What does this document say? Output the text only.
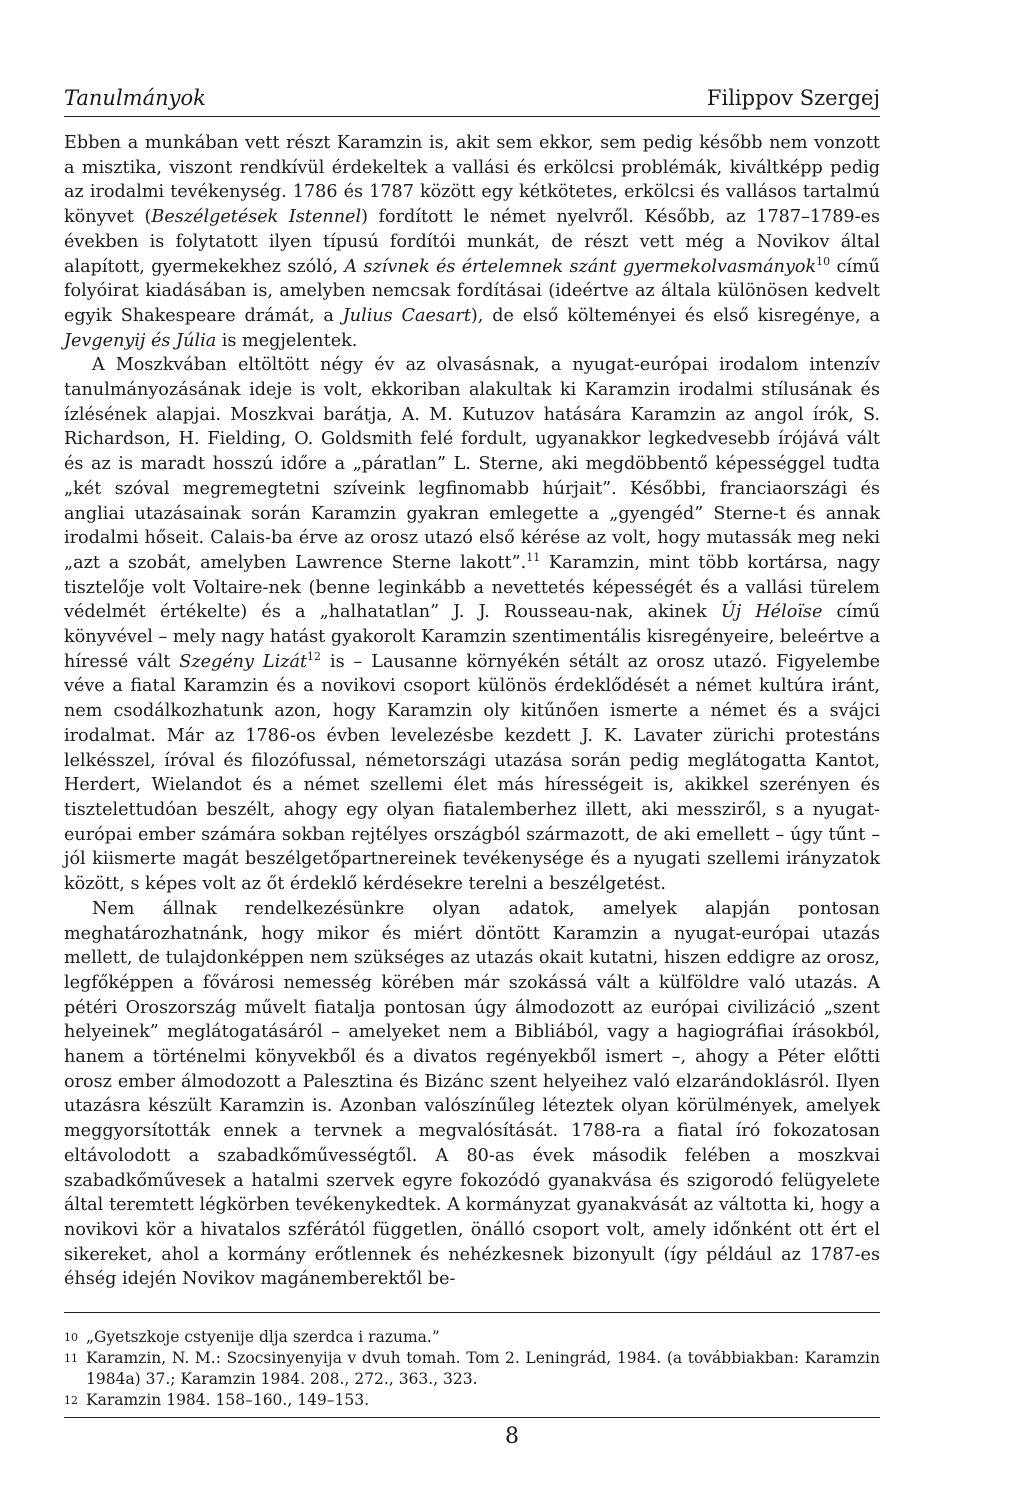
Tanulmányok	Filippov Szergej

Ebben a munkában vett részt Karamzin is, akit sem ekkor, sem pedig később nem vonzott a misztika, viszont rendkívül érdekeltek a vallási és erkölcsi problémák, kiváltképp pedig az irodalmi tevékenység. 1786 és 1787 között egy kétkötetes, erkölcsi és vallásos tartalmú könyvet (Beszélgetések Istennel) fordított le német nyelvről. Később, az 1787–1789-es években is folytatott ilyen típusú fordítói munkát, de részt vett még a Novikov által alapított, gyermekekhez szóló, A szívnek és értelemnek szánt gyermekolvasmányok$^{10}$ című folyóirat kiadásában is, amelyben nemcsak fordításai (ideértve az általa különösen kedvelt egyik Shakespeare drámát, a Julius Caesart), de első költeményei és első kisregénye, a Jevgenyij és Júlia is megjelentek.

A Moszkvában eltöltött négy év az olvasásnak, a nyugat-európai irodalom intenzív tanulmányozásának ideje is volt, ekkoriban alakultak ki Karamzin irodalmi stílusának és ízlésének alapjai. Moszkvai barátja, A. M. Kutuzov hatására Karamzin az angol írók, S. Richardson, H. Fielding, O. Goldsmith felé fordult, ugyanakkor legkedvesebb írójává vált és az is maradt hosszú időre a „páratlan” L. Sterne, aki megdöbbentő képességgel tudta „két szóval megremegtetni szíveink legfinomabb húrjait”. Későbbi, franciaországi és angliai utazásainak során Karamzin gyakran emlegette a „gyengéd” Sterne-t és annak irodalmi hőseit. Calais-ba érve az orosz utazó első kérése az volt, hogy mutassák meg neki „azt a szobát, amelyben Lawrence Sterne lakott”.$^{11}$ Karamzin, mint több kortársa, nagy tisztelője volt Voltaire-nek (benne leginkább a nevettetés képességét és a vallási türelem védelmét értékelte) és a „halhatatlan” J. J. Rousseau-nak, akinek Új Héloïse című könyvével – mely nagy hatást gyakorolt Karamzin szentimentális kisregényeire, beleértve a híressé vált Szegény Lizát$^{12}$ is – Lausanne környékén sétált az orosz utazó. Figyelembe véve a fiatal Karamzin és a novikovi csoport különös érdeklődését a német kultúra iránt, nem csodálkozhatunk azon, hogy Karamzin oly kitűnően ismerte a német és a svájci irodalmat. Már az 1786-os évben levelezésbe kezdett J. K. Lavater zürichi protestáns lelkésszel, íróval és filozófussal, németországi utazása során pedig meglátogatta Kantot, Herdert, Wielandot és a német szellemi élet más hírességeit is, akikkel szerényen és tisztelettudóan beszélt, ahogy egy olyan fiatalemberhez illett, aki messziről, s a nyugat-európai ember számára sokban rejtélyes országból származott, de aki emellett – úgy tűnt – jól kiismerte magát beszélgetőpartnereinek tevékenysége és a nyugati szellemi irányzatok között, s képes volt az őt érdeklő kérdésekre terelni a beszélgetést.

Nem állnak rendelkezésünkre olyan adatok, amelyek alapján pontosan meghatározhatnánk, hogy mikor és miért döntött Karamzin a nyugat-európai utazás mellett, de tulajdonképpen nem szükséges az utazás okait kutatni, hiszen eddigre az orosz, legfőképpen a fővárosi nemesség körében már szokássá vált a külföldre való utazás. A pétéri Oroszország művelt fiatalja pontosan úgy álmodozott az európai civilizáció „szent helyeinek” meglátogatásáról – amelyeket nem a Bibliából, vagy a hagiográfiai írásokból, hanem a történelmi könyvekből és a divatos regényekből ismert –, ahogy a Péter előtti orosz ember álmodozott a Palesztina és Bizánc szent helyeihez való elzarándoklásról. Ilyen utazásra készült Karamzin is. Azonban valószínűleg léteztek olyan körülmények, amelyek meggyorsították ennek a tervnek a megvalósítását. 1788-ra a fiatal író fokozatosan eltávolodott a szabadkőművességtől. A 80-as évek második felében a moszkvai szabadkőművesek a hatalmi szervek egyre fokozódó gyanakvása és szigorodó felügyelete által teremtett légkörben tevékenykedtek. A kormányzat gyanakvását az váltotta ki, hogy a novikovi kör a hivatalos szférától független, önálló csoport volt, amely időnként ott ért el sikereket, ahol a kormány erőtlennek és nehézkesnek bizonyult (így például az 1787-es éhség idején Novikov magánemberektől be-

10 „Gyetszkoje cstyenije dlja szerdca i razuma.”
11 Karamzin, N. M.: Szocsinyenyija v dvuh tomah. Tom 2. Leningrád, 1984. (a továbbiakban: Karamzin 1984a) 37.; Karamzin 1984. 208., 272., 363., 323.
12 Karamzin 1984. 158–160., 149–153.
8
